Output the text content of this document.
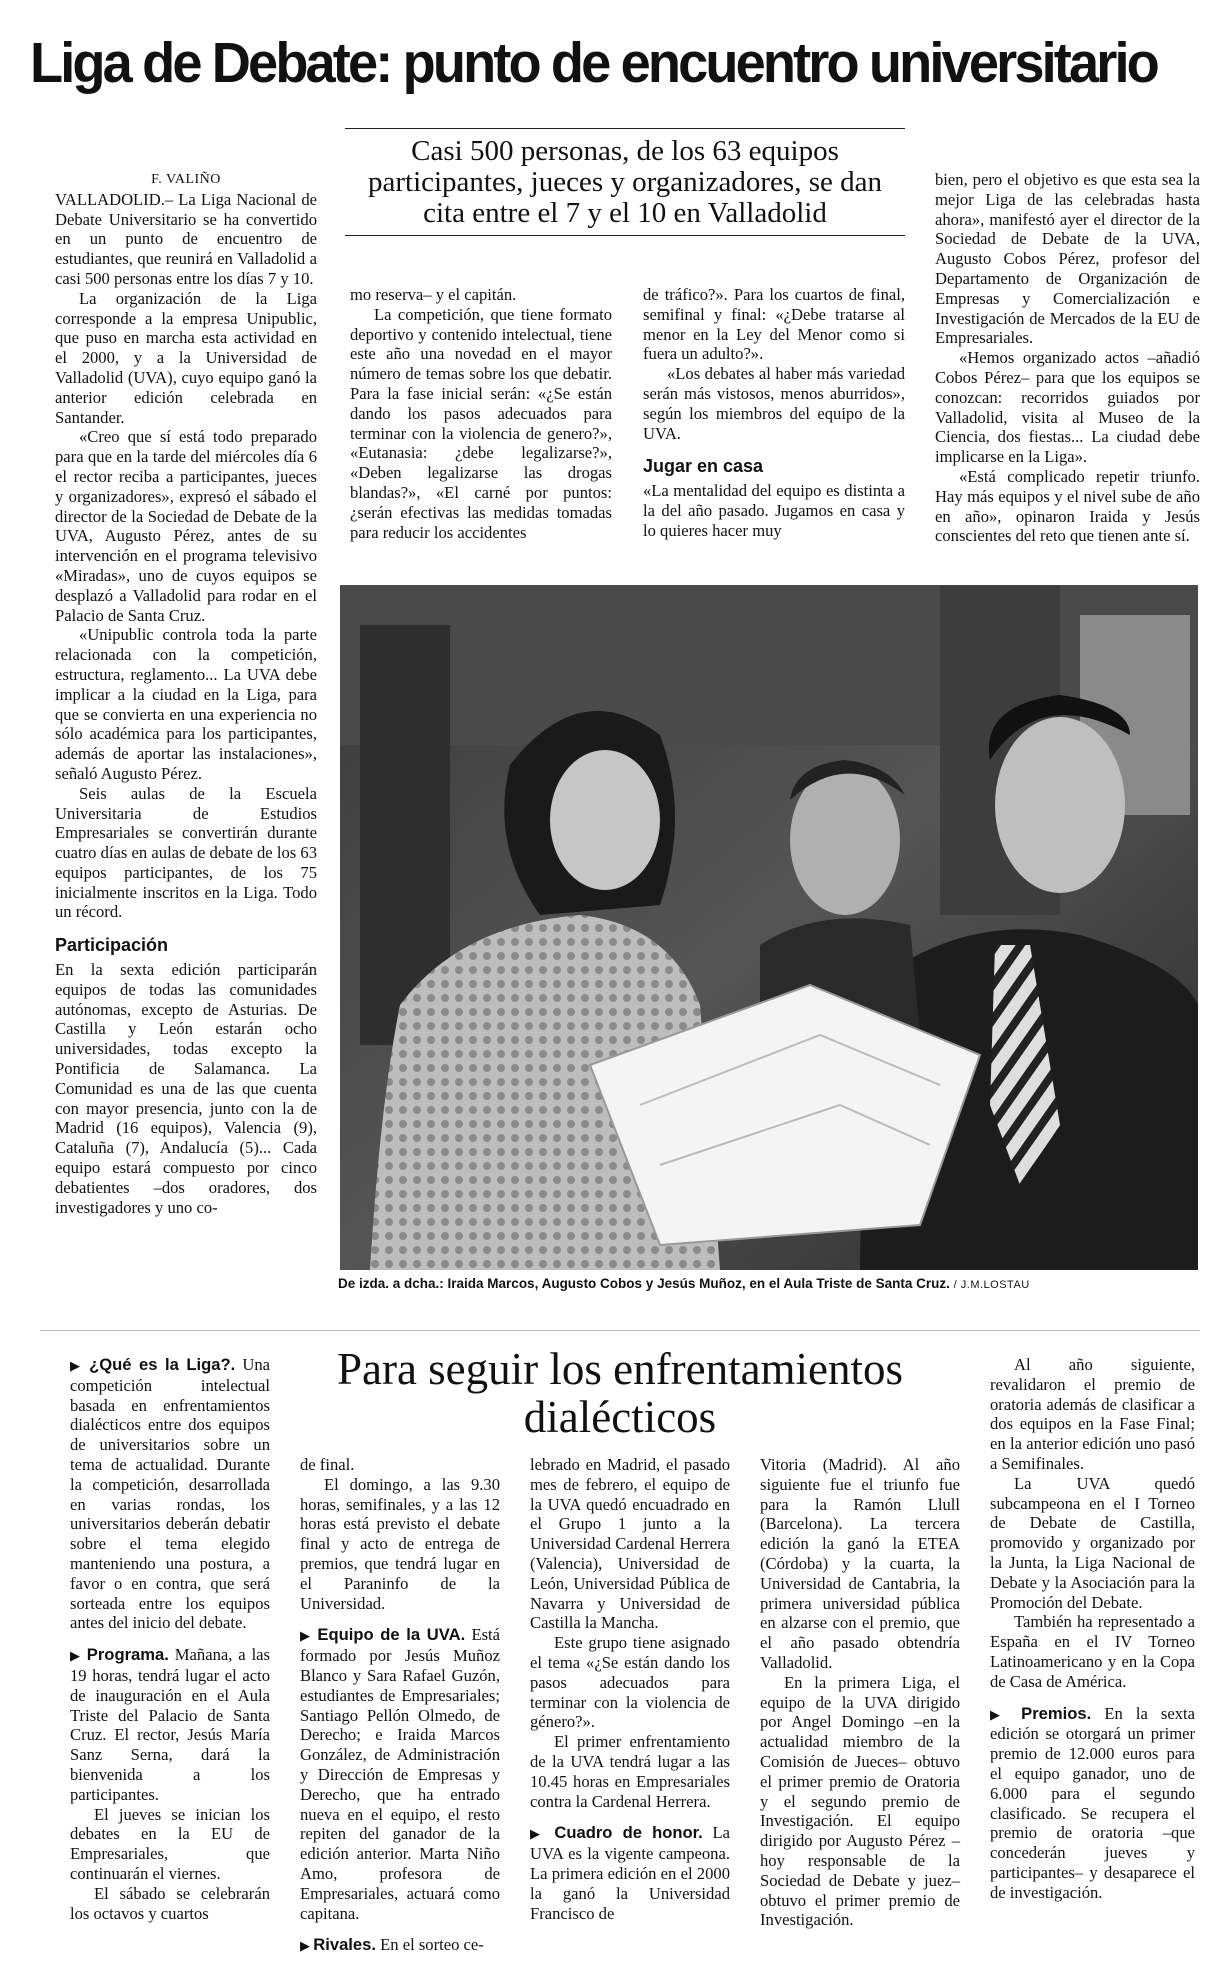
Liga de Debate: punto de encuentro universitario
Casi 500 personas, de los 63 equipos participantes, jueces y organizadores, se dan cita entre el 7 y el 10 en Valladolid
F. VALIÑO

VALLADOLID.– La Liga Nacional de Debate Universitario se ha convertido en un punto de encuentro de estudiantes, que reunirá en Valladolid a casi 500 personas entre los días 7 y 10.

La organización de la Liga corresponde a la empresa Unipublic, que puso en marcha esta actividad en el 2000, y a la Universidad de Valladolid (UVA), cuyo equipo ganó la anterior edición celebrada en Santander.

«Creo que sí está todo preparado para que en la tarde del miércoles día 6 el rector reciba a participantes, jueces y organizadores», expresó el sábado el director de la Sociedad de Debate de la UVA, Augusto Pérez, antes de su intervención en el programa televisivo «Miradas», uno de cuyos equipos se desplazó a Valladolid para rodar en el Palacio de Santa Cruz.

«Unipublic controla toda la parte relacionada con la competición, estructura, reglamento... La UVA debe implicar a la ciudad en la Liga, para que se convierta en una experiencia no sólo académica para los participantes, además de aportar las instalaciones», señaló Augusto Pérez.

Seis aulas de la Escuela Universitaria de Estudios Empresariales se convertirán durante cuatro días en aulas de debate de los 63 equipos participantes, de los 75 inicialmente inscritos en la Liga. Todo un récord.

Participación

En la sexta edición participarán equipos de todas las comunidades autónomas, excepto de Asturias. De Castilla y León estarán ocho universidades, todas excepto la Pontificia de Salamanca. La Comunidad es una de las que cuenta con mayor presencia, junto con la de Madrid (16 equipos), Valencia (9), Cataluña (7), Andalucía (5)... Cada equipo estará compuesto por cinco debatientes –dos oradores, dos investigadores y uno co-

mo reserva– y el capitán.

La competición, que tiene formato deportivo y contenido intelectual, tiene este año una novedad en el mayor número de temas sobre los que debatir. Para la fase inicial serán: «¿Se están dando los pasos adecuados para terminar con la violencia de genero?», «Eutanasia: ¿debe legalizarse?», «Deben legalizarse las drogas blandas?», «El carné por puntos: ¿serán efectivas las medidas tomadas para reducir los accidentes

de tráfico?». Para los cuartos de final, semifinal y final: «¿Debe tratarse al menor en la Ley del Menor como si fuera un adulto?».

«Los debates al haber más variedad serán más vistosos, menos aburridos», según los miembros del equipo de la UVA.

Jugar en casa

«La mentalidad del equipo es distinta a la del año pasado. Jugamos en casa y lo quieres hacer muy

bien, pero el objetivo es que esta sea la mejor Liga de las celebradas hasta ahora», manifestó ayer el director de la Sociedad de Debate de la UVA, Augusto Cobos Pérez, profesor del Departamento de Organización de Empresas y Comercialización e Investigación de Mercados de la EU de Empresariales.

«Hemos organizado actos –añadió Cobos Pérez– para que los equipos se conozcan: recorridos guiados por Valladolid, visita al Museo de la Ciencia, dos fiestas... La ciudad debe implicarse en la Liga».

«Está complicado repetir triunfo. Hay más equipos y el nivel sube de año en año», opinaron Iraida y Jesús conscientes del reto que tienen ante sí.

De izda. a dcha.: Iraida Marcos, Augusto Cobos y Jesús Muñoz, en el Aula Triste de Santa Cruz. / J.M.LOSTAU
Para seguir los enfrentamientos dialécticos

▶ ¿Qué es la Liga?. Una competición intelectual basada en enfrentamientos dialécticos entre dos equipos de universitarios sobre un tema de actualidad. Durante la competición, desarrollada en varias rondas, los universitarios deberán debatir sobre el tema elegido manteniendo una postura, a favor o en contra, que será sorteada entre los equipos antes del inicio del debate.

▶ Programa. Mañana, a las 19 horas, tendrá lugar el acto de inauguración en el Aula Triste del Palacio de Santa Cruz. El rector, Jesús María Sanz Serna, dará la bienvenida a los participantes.

El jueves se inician los debates en la EU de Empresariales, que continuarán el viernes.

El sábado se celebrarán los octavos y cuartos

de final.

El domingo, a las 9.30 horas, semifinales, y a las 12 horas está previsto el debate final y acto de entrega de premios, que tendrá lugar en el Paraninfo de la Universidad.

▶ Equipo de la UVA. Está formado por Jesús Muñoz Blanco y Sara Rafael Guzón, estudiantes de Empresariales; Santiago Pellón Olmedo, de Derecho; e Iraida Marcos González, de Administración y Dirección de Empresas y Derecho, que ha entrado nueva en el equipo, el resto repiten del ganador de la edición anterior. Marta Niño Amo, profesora de Empresariales, actuará como capitana.

▶ Rivales. En el sorteo ce-

lebrado en Madrid, el pasado mes de febrero, el equipo de la UVA quedó encuadrado en el Grupo 1 junto a la Universidad Cardenal Herrera (Valencia), Universidad de León, Universidad Pública de Navarra y Universidad de Castilla la Mancha.

Este grupo tiene asignado el tema «¿Se están dando los pasos adecuados para terminar con la violencia de género?».

El primer enfrentamiento de la UVA tendrá lugar a las 10.45 horas en Empresariales contra la Cardenal Herrera.

▶ Cuadro de honor. La UVA es la vigente campeona. La primera edición en el 2000 la ganó la Universidad Francisco de

Vitoria (Madrid). Al año siguiente fue el triunfo fue para la Ramón Llull (Barcelona). La tercera edición la ganó la ETEA (Córdoba) y la cuarta, la Universidad de Cantabria, la primera universidad pública en alzarse con el premio, que el año pasado obtendría Valladolid.

En la primera Liga, el equipo de la UVA dirigido por Angel Domingo –en la actualidad miembro de la Comisión de Jueces– obtuvo el primer premio de Oratoria y el segundo premio de Investigación. El equipo dirigido por Augusto Pérez –hoy responsable de la Sociedad de Debate y juez– obtuvo el primer premio de Investigación.

Al año siguiente, revalidaron el premio de oratoria además de clasificar a dos equipos en la Fase Final; en la anterior edición uno pasó a Semifinales.

La UVA quedó subcampeona en el I Torneo de Debate de Castilla, promovido y organizado por la Junta, la Liga Nacional de Debate y la Asociación para la Promoción del Debate.

También ha representado a España en el IV Torneo Latinoamericano y en la Copa de Casa de América.

▶ Premios. En la sexta edición se otorgará un primer premio de 12.000 euros para el equipo ganador, uno de 6.000 para el segundo clasificado. Se recupera el premio de oratoria –que concederán jueves y participantes– y desaparece el de investigación.
